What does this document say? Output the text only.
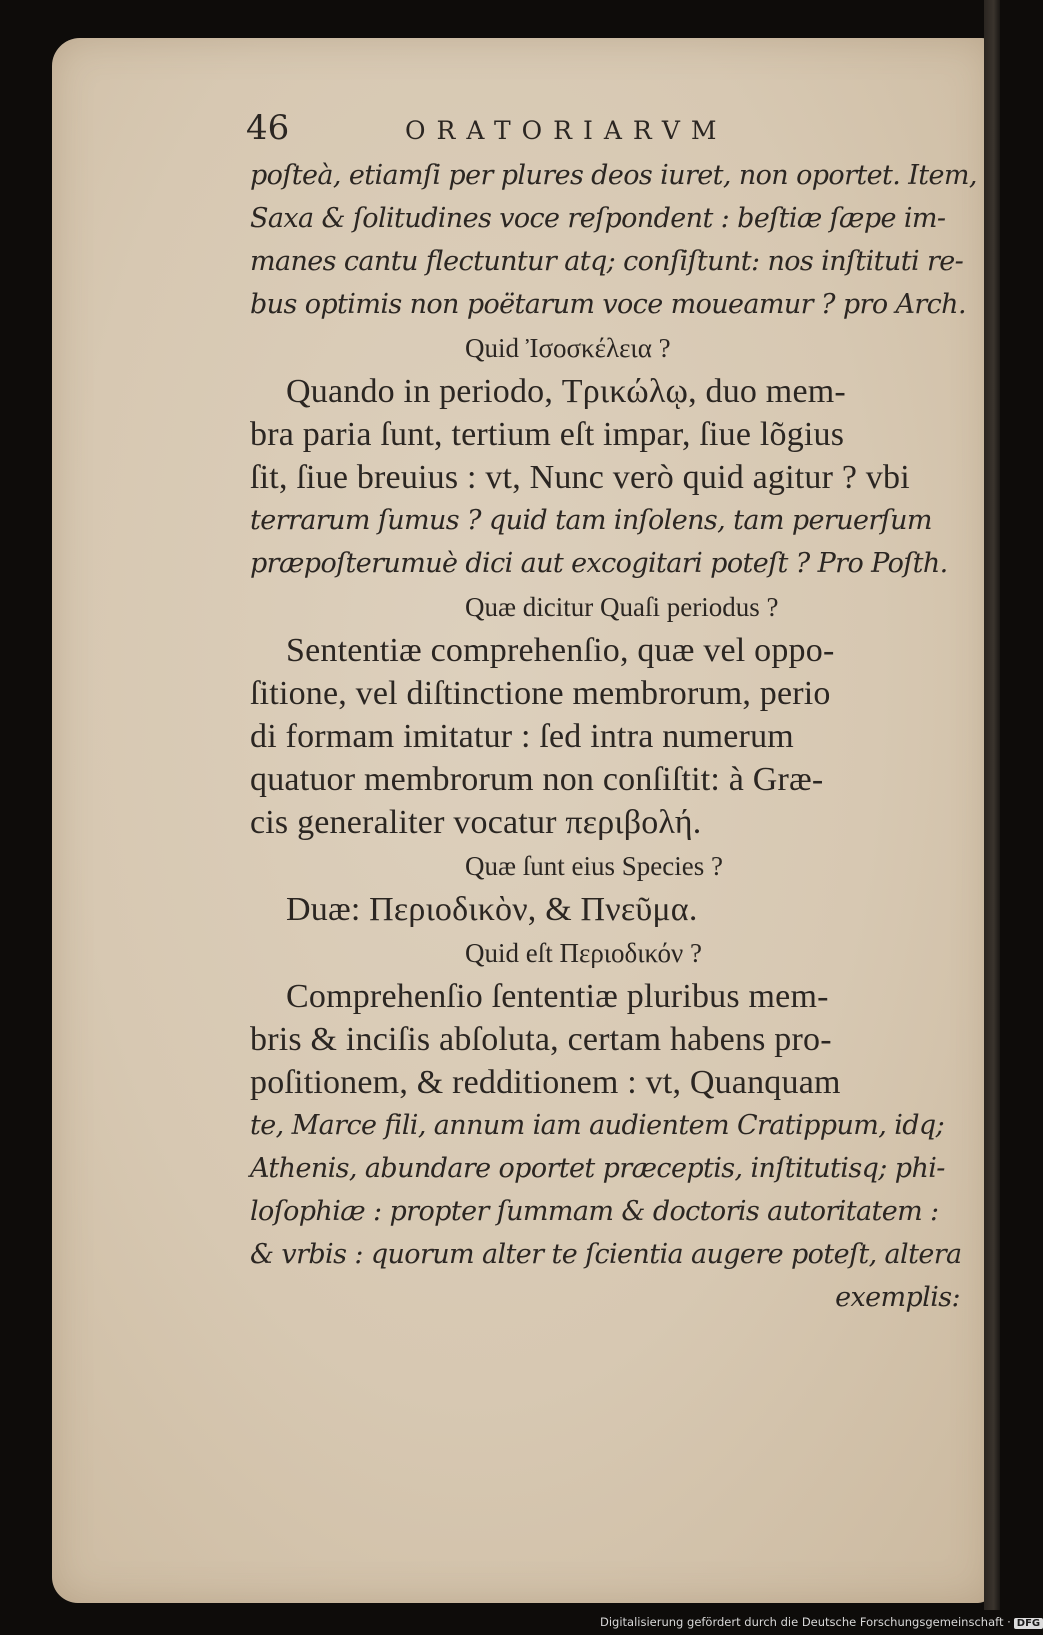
46	ORATORIARVM

poſteà, etiamſi per plures deos iuret, non oportet. Item,

Saxa & ſolitudines voce reſpondent : beſtiæ ſæpe im-

manes cantu flectuntur atq; conſiſtunt: nos inſtituti re-

bus optimis non poëtarum voce moueamur ? pro Arch.

Quid Ἰσοσκέλεια ?

Quando in periodo, Τρικώλῳ, duo mem-

bra paria ſunt, tertium eſt impar, ſiue lõgius

ſit, ſiue breuius : vt, Nunc verò quid agitur ? vbi

terrarum ſumus ? quid tam inſolens, tam peruerſum

præpoſterumuè dici aut excogitari poteſt ? Pro Poſth.

Quæ dicitur Quaſi periodus ?

Sententiæ comprehenſio, quæ vel oppo-

ſitione, vel diſtinctione membrorum, perio

di formam imitatur : ſed intra numerum

quatuor membrorum non conſiſtit: à Græ-

cis generaliter vocatur περιβολή.

Quæ ſunt eius Species ?

Duæ: Περιοδικὸν, & Πνεῦμα.

Quid eſt Περιοδικόν ?

Comprehenſio ſententiæ pluribus mem-

bris & inciſis abſoluta, certam habens pro-

poſitionem, & redditionem : vt, Quanquam

te, Marce fili, annum iam audientem Cratippum, idq;

Athenis, abundare oportet præceptis, inſtitutisq; phi-

loſophiæ : propter ſummam & doctoris autoritatem :

& vrbis : quorum alter te ſcientia augere poteſt, altera

exemplis:

Digitalisierung gefördert durch die Deutsche Forschungsgemeinschaft · DFG
